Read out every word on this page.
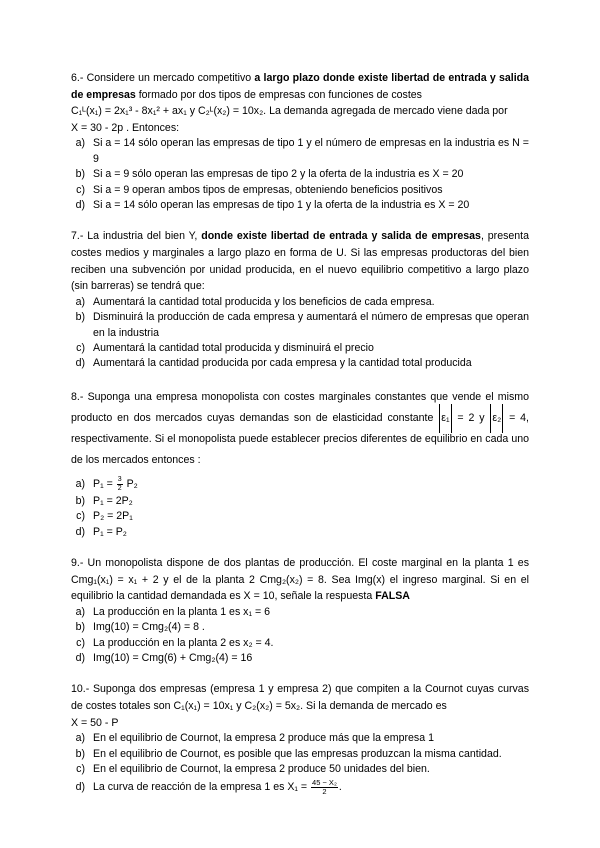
6.- Considere un mercado competitivo a largo plazo donde existe libertad de entrada y salida de empresas formado por dos tipos de empresas con funciones de costes

C₁ᴸ(x₁) = 2x₁³ - 8x₁² + ax₁ y C₂ᴸ(x₂) = 10x₂. La demanda agregada de mercado viene dada por

X = 30 - 2p . Entonces:

a) Si a = 14 sólo operan las empresas de tipo 1 y el número de empresas en la industria es N = 9
b) Si a = 9 sólo operan las empresas de tipo 2 y la oferta de la industria es X = 20
c) Si a = 9 operan ambos tipos de empresas, obteniendo beneficios positivos
d) Si a = 14 sólo operan las empresas de tipo 1 y la oferta de la industria es X = 20

7.- La industria del bien Y, donde existe libertad de entrada y salida de empresas, presenta costes medios y marginales a largo plazo en forma de U. Si las empresas productoras del bien reciben una subvención por unidad producida, en el nuevo equilibrio competitivo a largo plazo (sin barreras) se tendrá que:

a) Aumentará la cantidad total producida y los beneficios de cada empresa.
b) Disminuirá la producción de cada empresa y aumentará el número de empresas que operan en la industria
c) Aumentará la cantidad total producida y disminuirá el precio
d) Aumentará la cantidad producida por cada empresa y la cantidad total producida

8.- Suponga una empresa monopolista con costes marginales constantes que vende el mismo producto en dos mercados cuyas demandas son de elasticidad constante ε₁ = 2 y ε₂ = 4, respectivamente. Si el monopolista puede establecer precios diferentes de equilibrio en cada uno de los mercados entonces :

a) $P_1 = \frac{3}{2} P_2$
b) P₁ = 2P₂
c) P₂ = 2P₁
d) P₁ = P₂

9.- Un monopolista dispone de dos plantas de producción. El coste marginal en la planta 1 es Cmg₁(x₁) = x₁ + 2 y el de la planta 2 Cmg₂(x₂) = 8. Sea Img(x) el ingreso marginal. Si en el equilibrio la cantidad demandada es X = 10, señale la respuesta FALSA

a) La producción en la planta 1 es x₁ = 6
b) Img(10) = Cmg₂(4) = 8 .
c) La producción en la planta 2 es x₂ = 4.
d) Img(10) = Cmg(6) + Cmg₂(4) = 16

10.- Suponga dos empresas (empresa 1 y empresa 2) que compiten a la Cournot cuyas curvas de costes totales son C₁(x₁) = 10x₁ y C₂(x₂) = 5x₂. Si la demanda de mercado es

X = 50 - P

a) En el equilibrio de Cournot, la empresa 2 produce más que la empresa 1
b) En el equilibrio de Cournot, es posible que las empresas produzcan la misma cantidad.
c) En el equilibrio de Cournot, la empresa 2 produce 50 unidades del bien.
d) La curva de reacción de la empresa 1 es $X_1 = \frac{\text{45 − X₂}}{2}$ .
